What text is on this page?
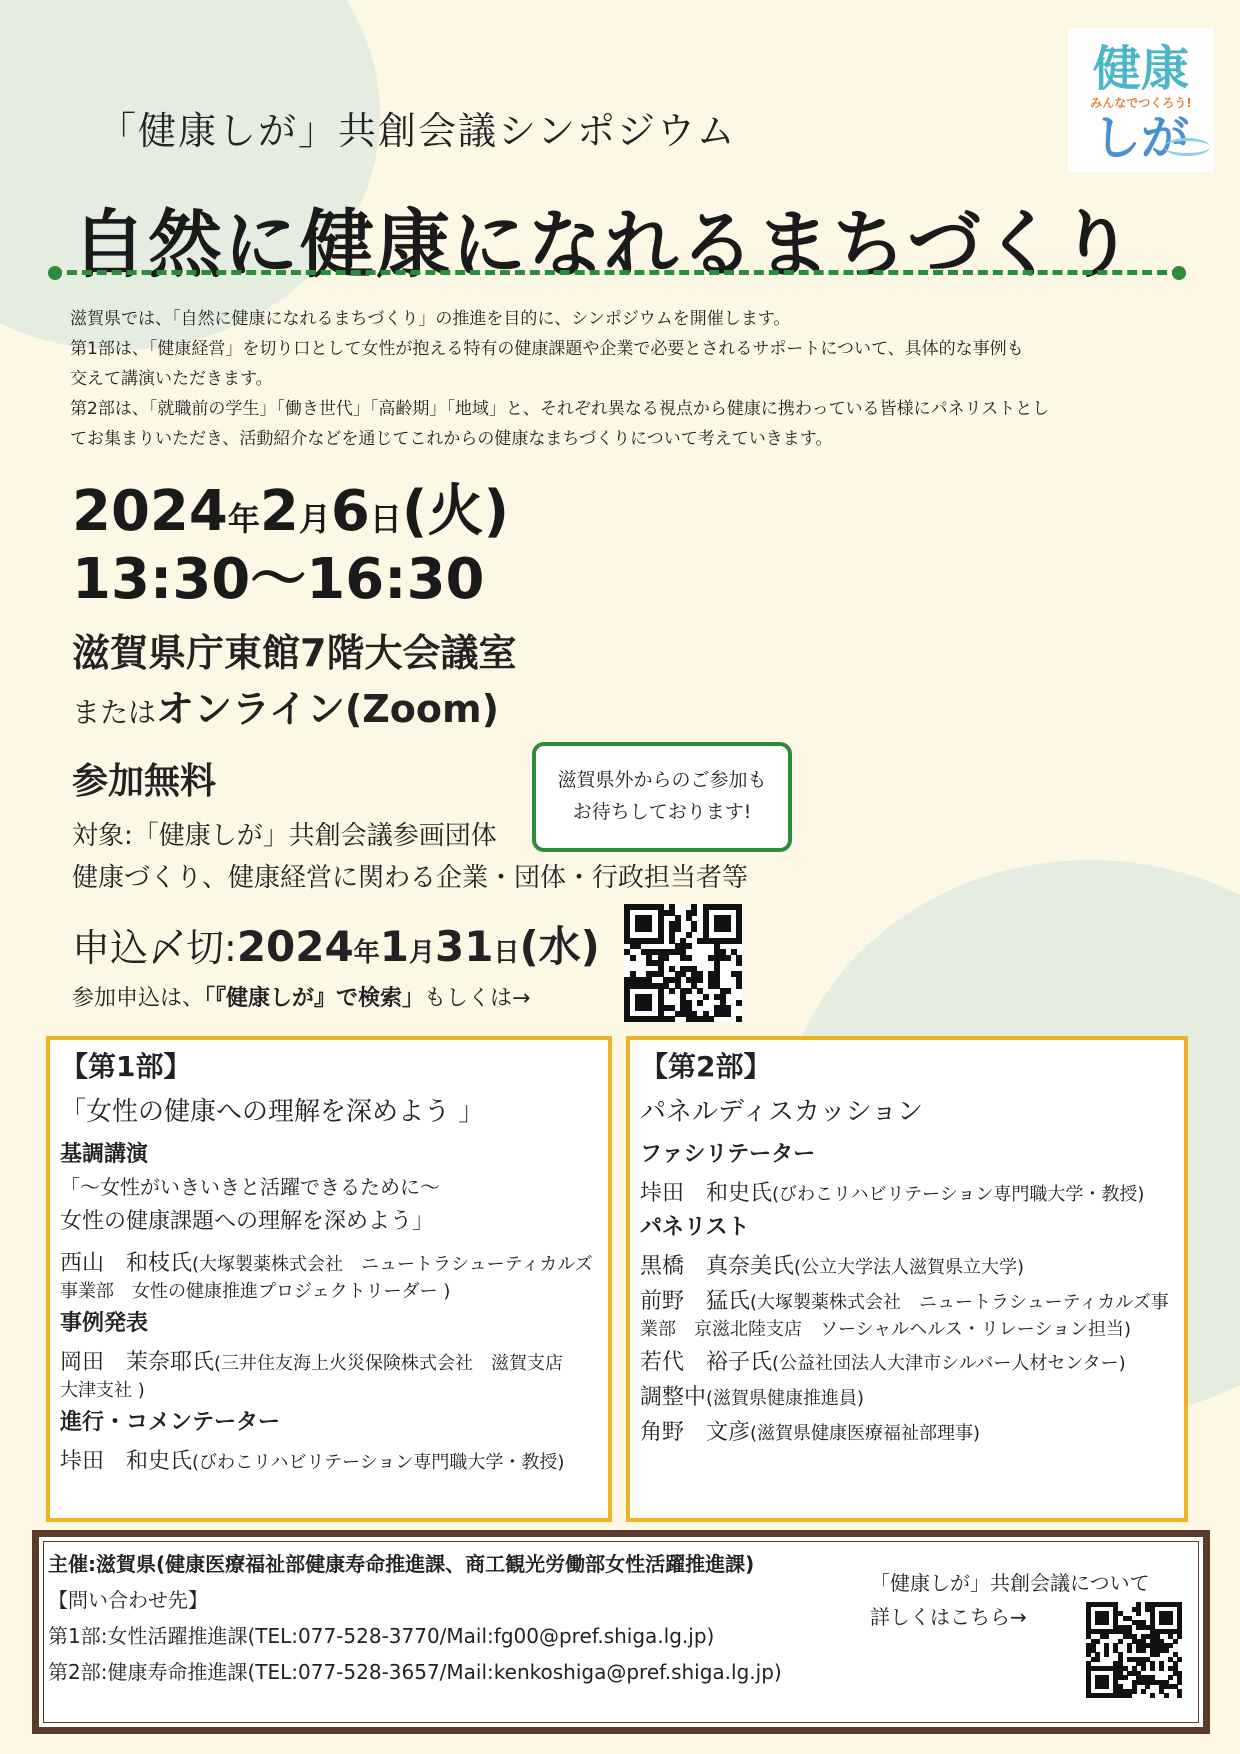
健康
みんなでつくろう!
しが
「健康しが」共創会議シンポジウム
自然に健康になれるまちづくり

滋賀県では、「自然に健康になれるまちづくり」の推進を目的に、シンポジウムを開催します。

第1部は、「健康経営」を切り口として女性が抱える特有の健康課題や企業で必要とされるサポートについて、具体的な事例も

交えて講演いただきます。

第2部は、「就職前の学生」「働き世代」「高齢期」「地域」と、それぞれ異なる視点から健康に携わっている皆様にパネリストとし

てお集まりいただき、活動紹介などを通じてこれからの健康なまちづくりについて考えていきます。

2024年2月6日(火)
13:30～16:30
滋賀県庁東館7階大会議室
またはオンライン(Zoom)
参加無料
対象:「健康しが」共創会議参画団体
健康づくり、健康経営に関わる企業・団体・行政担当者等
滋賀県外からのご参加も
お待ちしております!
申込〆切:2024年1月31日(水)
参加申込は、「『健康しが』で検索」もしくは→
【第1部】
「女性の健康への理解を深めよう 」
基調講演
「～女性がいきいきと活躍できるために～
女性の健康課題への理解を深めよう」
西山　和枝氏(大塚製薬株式会社　ニュートラシューティカルズ事業部　女性の健康推進プロジェクトリーダー )
事例発表
岡田　茉奈耶氏(三井住友海上火災保険株式会社　滋賀支店　大津支社 )
進行・コメンテーター
垰田　和史氏(びわこリハビリテーション専門職大学・教授)
【第2部】
パネルディスカッション
ファシリテーター
垰田　和史氏(びわこリハビリテーション専門職大学・教授)
パネリスト
黒橋　真奈美氏(公立大学法人滋賀県立大学)
前野　猛氏(大塚製薬株式会社　ニュートラシューティカルズ事業部　京滋北陸支店　ソーシャルヘルス・リレーション担当)
若代　裕子氏(公益社団法人大津市シルバー人材センター)
調整中(滋賀県健康推進員)
角野　文彦(滋賀県健康医療福祉部理事)
主催:滋賀県(健康医療福祉部健康寿命推進課、商工観光労働部女性活躍推進課)
【問い合わせ先】
第1部:女性活躍推進課(TEL:077-528-3770/Mail:fg00@pref.shiga.lg.jp)
第2部:健康寿命推進課(TEL:077-528-3657/Mail:kenkoshiga@pref.shiga.lg.jp)
「健康しが」共創会議について
詳しくはこちら→
